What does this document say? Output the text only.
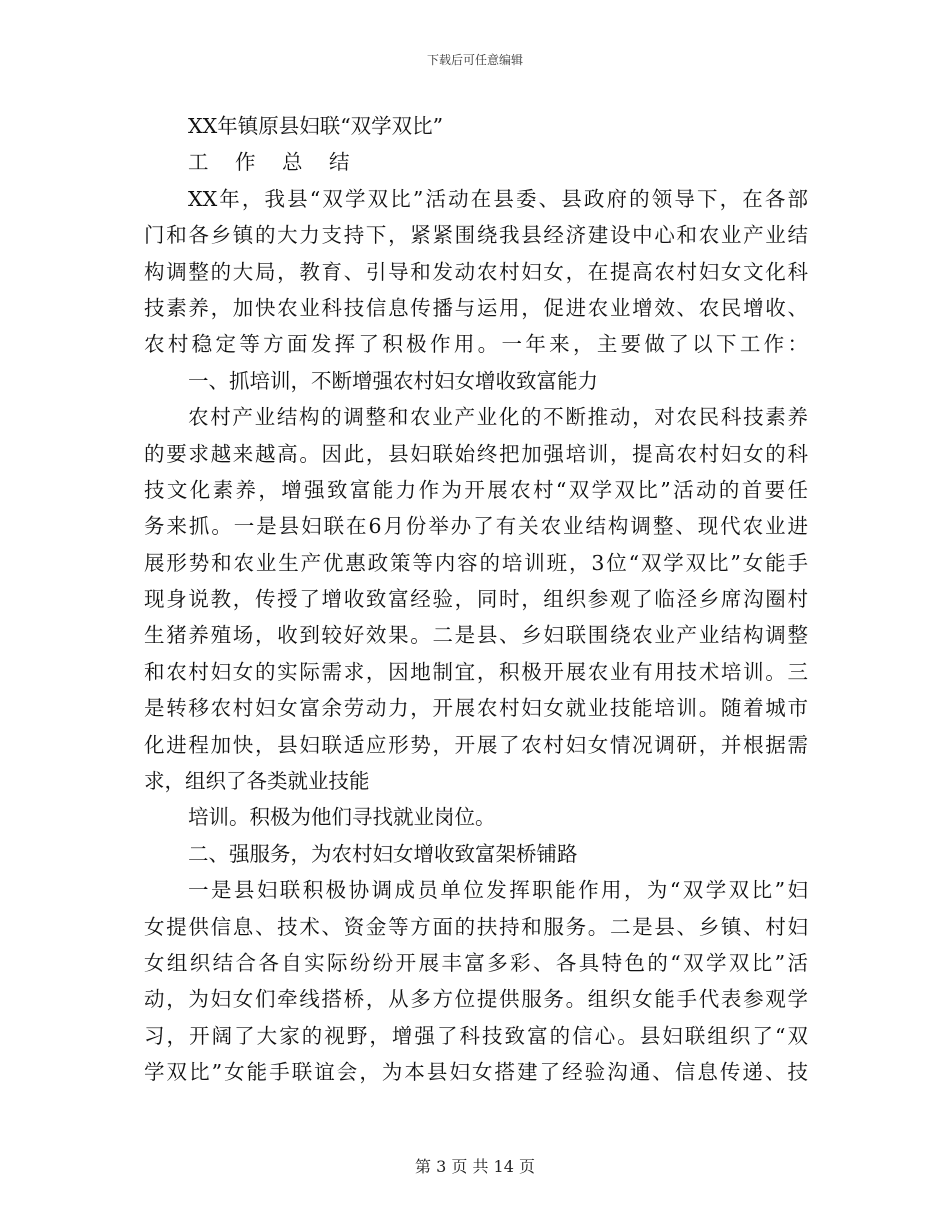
下载后可任意编辑
XX年镇原县妇联“双学双比”
工 作 总 结
XX年，我县“双学双比”活动在县委、县政府的领导下，在各部
门和各乡镇的大力支持下，紧紧围绕我县经济建设中心和农业产业结
构调整的大局，教育、引导和发动农村妇女，在提高农村妇女文化科
技素养，加快农业科技信息传播与运用，促进农业增效、农民增收、
农村稳定等方面发挥了积极作用。一年来，主要做了以下工作：
一、抓培训，不断增强农村妇女增收致富能力
农村产业结构的调整和农业产业化的不断推动，对农民科技素养
的要求越来越高。因此，县妇联始终把加强培训，提高农村妇女的科
技文化素养，增强致富能力作为开展农村“双学双比”活动的首要任
务来抓。一是县妇联在6月份举办了有关农业结构调整、现代农业进
展形势和农业生产优惠政策等内容的培训班，3位“双学双比”女能手
现身说教，传授了增收致富经验，同时，组织参观了临泾乡席沟圈村
生猪养殖场，收到较好效果。二是县、乡妇联围绕农业产业结构调整
和农村妇女的实际需求，因地制宜，积极开展农业有用技术培训。三
是转移农村妇女富余劳动力，开展农村妇女就业技能培训。随着城市
化进程加快，县妇联适应形势，开展了农村妇女情况调研，并根据需
求，组织了各类就业技能
培训。积极为他们寻找就业岗位。
二、强服务，为农村妇女增收致富架桥铺路
一是县妇联积极协调成员单位发挥职能作用，为“双学双比”妇
女提供信息、技术、资金等方面的扶持和服务。二是县、乡镇、村妇
女组织结合各自实际纷纷开展丰富多彩、各具特色的“双学双比”活
动，为妇女们牵线搭桥，从多方位提供服务。组织女能手代表参观学
习，开阔了大家的视野，增强了科技致富的信心。县妇联组织了“双
学双比”女能手联谊会，为本县妇女搭建了经验沟通、信息传递、技
第 3 页 共 14 页
